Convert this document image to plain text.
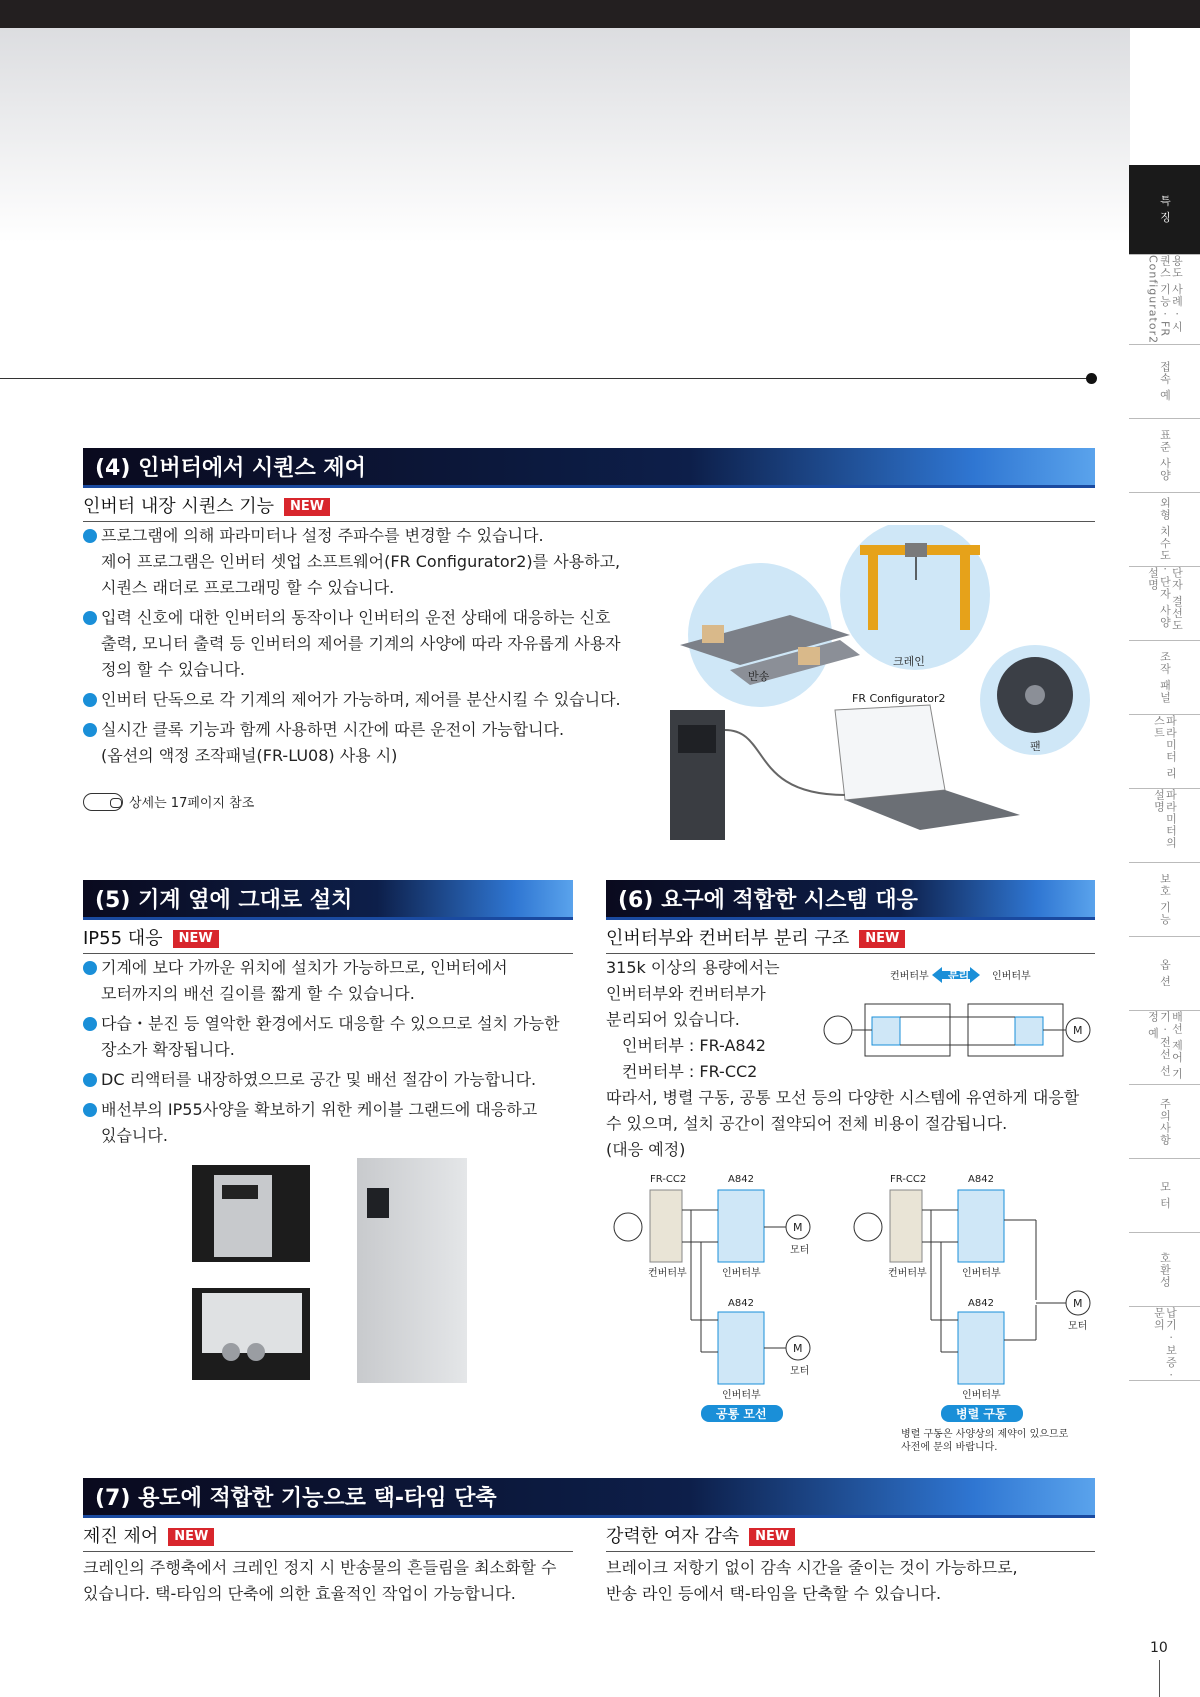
특 징
용도 사례 · 시퀀스 기능 · FR Configurator2
접속 예
표준 사양
외형 치수도
단자 결선도 · 단자 사양 설명
조작 패널
파라미터 리스트
파라미터의 설명
보호 기능
옵 션
배선 제어 기기 · 전선 선정 예
주의사항
모 터
호환성
납기 · 보증 · 문의
10
(4) 인버터에서 시퀀스 제어
인버터 내장 시퀀스 기능 NEW
프로그램에 의해 파라미터나 설정 주파수를 변경할 수 있습니다.
제어 프로그램은 인버터 셋업 소프트웨어(FR Configurator2)를 사용하고,
시퀀스 래더로 프로그래밍 할 수 있습니다.
입력 신호에 대한 인버터의 동작이나 인버터의 운전 상태에 대응하는 신호
출력, 모니터 출력 등 인버터의 제어를 기계의 사양에 따라 자유롭게 사용자
정의 할 수 있습니다.
인버터 단독으로 각 기계의 제어가 가능하며, 제어를 분산시킬 수 있습니다.
실시간 클록 기능과 함께 사용하면 시간에 따른 운전이 가능합니다.
(옵션의 액정 조작패널(FR-LU08) 사용 시)
상세는 17페이지 참조
반송
크레인
팬
FR Configurator2
(5) 기계 옆에 그대로 설치
IP55 대응 NEW
기계에 보다 가까운 위치에 설치가 가능하므로, 인버터에서
모터까지의 배선 길이를 짧게 할 수 있습니다.
다습・분진 등 열악한 환경에서도 대응할 수 있으므로 설치 가능한
장소가 확장됩니다.
DC 리액터를 내장하였으므로 공간 및 배선 절감이 가능합니다.
배선부의 IP55사양을 확보하기 위한 케이블 그랜드에 대응하고
있습니다.
(6) 요구에 적합한 시스템 대응
인버터부와 컨버터부 분리 구조 NEW
315k 이상의 용량에서는
인버터부와 컨버터부가
분리되어 있습니다.
인버터부 : FR-A842
컨버터부 : FR-CC2
따라서, 병렬 구동, 공통 모선 등의 다양한 시스템에 유연하게 대응할
수 있으며, 설치 공간이 절약되어 전체 비용이 절감됩니다.
(대응 예정)
컨버터부 분리 인버터부
M
FR-CC2	A842
컨버터부	인버터부
M
모터
A842
M
모터
인버터부
공통 모선
FR-CC2	A842
컨버터부	인버터부
A842	M
모터
인버터부
병렬 구동
병렬 구동은 사양상의 제약이 있으므로
사전에 문의 바랍니다.
(7) 용도에 적합한 기능으로 택-타임 단축
제진 제어 NEW
크레인의 주행축에서 크레인 정지 시 반송물의 흔들림을 최소화할 수
있습니다. 택-타임의 단축에 의한 효율적인 작업이 가능합니다.
강력한 여자 감속 NEW
브레이크 저항기 없이 감속 시간을 줄이는 것이 가능하므로,
반송 라인 등에서 택-타임을 단축할 수 있습니다.
